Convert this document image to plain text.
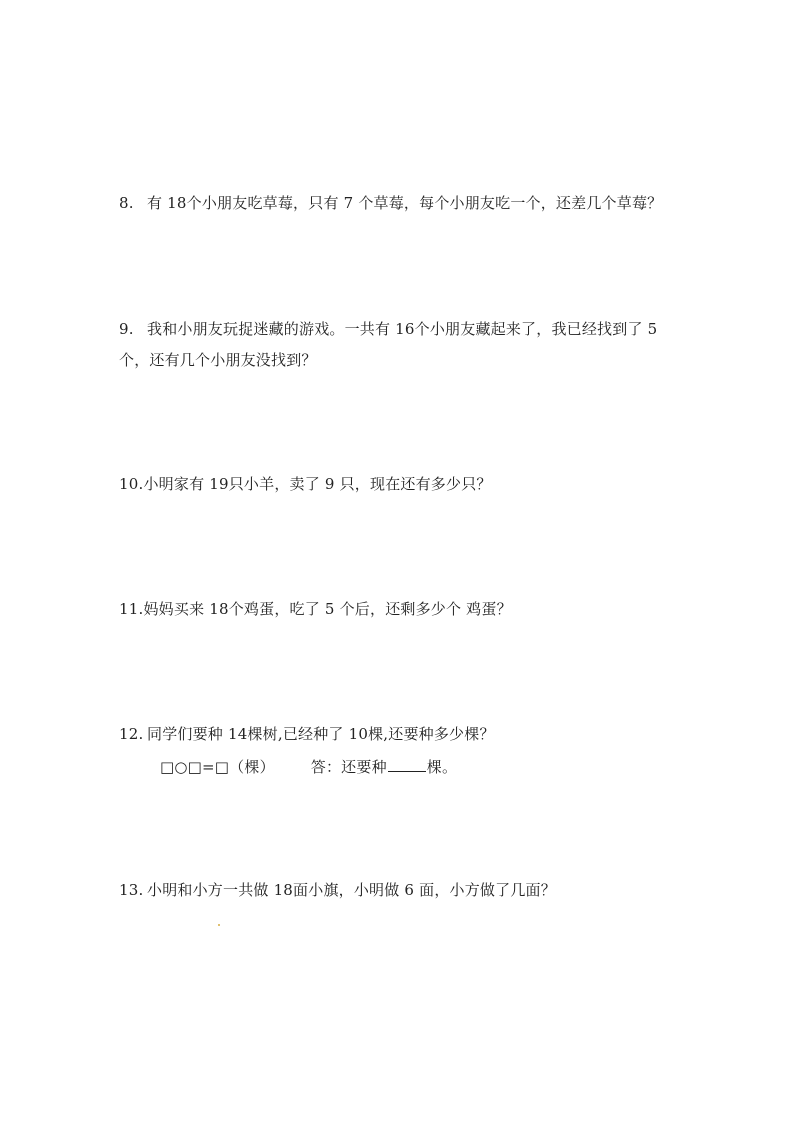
8. 有 18个小朋友吃草莓，只有 7 个草莓，每个小朋友吃一个，还差几个草莓？
9. 我和小朋友玩捉迷藏的游戏。一共有 16个小朋友藏起来了，我已经找到了 5
个，还有几个小朋友没找到？
10.小明家有 19只小羊，卖了 9 只，现在还有多少只？
11.妈妈买来 18个鸡蛋，吃了 5 个后，还剩多少个 鸡蛋？
12. 同学们要种 14棵树,已经种了 10棵,还要种多少棵？
□○□=□（棵） 答：还要种	棵。
13. 小明和小方一共做 18面小旗，小明做 6 面，小方做了几面？
